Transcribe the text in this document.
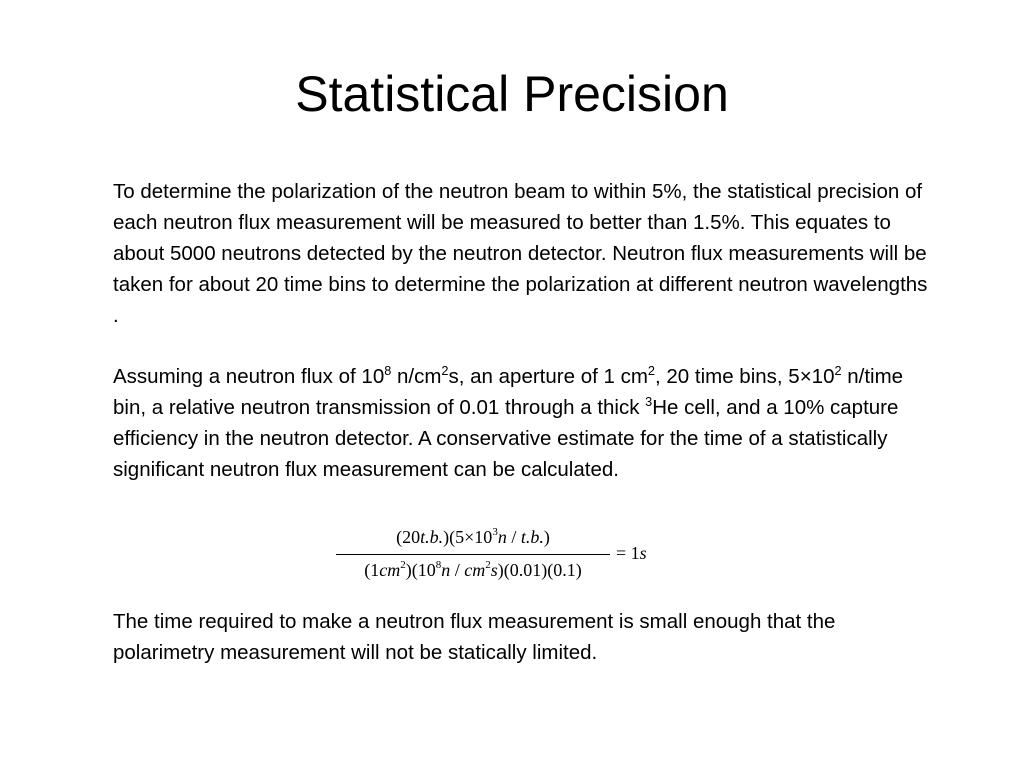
Statistical Precision
To determine the polarization of the neutron beam to within 5%, the statistical precision of each neutron flux measurement will be measured to better than 1.5%. This equates to about 5000 neutrons detected by the neutron detector. Neutron flux measurements will be taken for about 20 time bins to determine the polarization at different neutron wavelengths .
Assuming a neutron flux of $10^8$ $n/cm^2s$, an aperture of 1 $cm^2$, 20 time bins, $5\times 10^2$ n/time bin, a relative neutron transmission of 0.01 through a thick $^3$He cell, and a 10% capture efficiency in the neutron detector. A conservative estimate for the time of a statistically significant neutron flux measurement can be calculated.
$(20t.b.)(5\times 10^3n / t.b.)$
$(1cm^2)(10^8n / cm^2s)(0.01)(0.1)$
= 1s
The time required to make a neutron flux measurement is small enough that the polarimetry measurement will not be statically limited.
